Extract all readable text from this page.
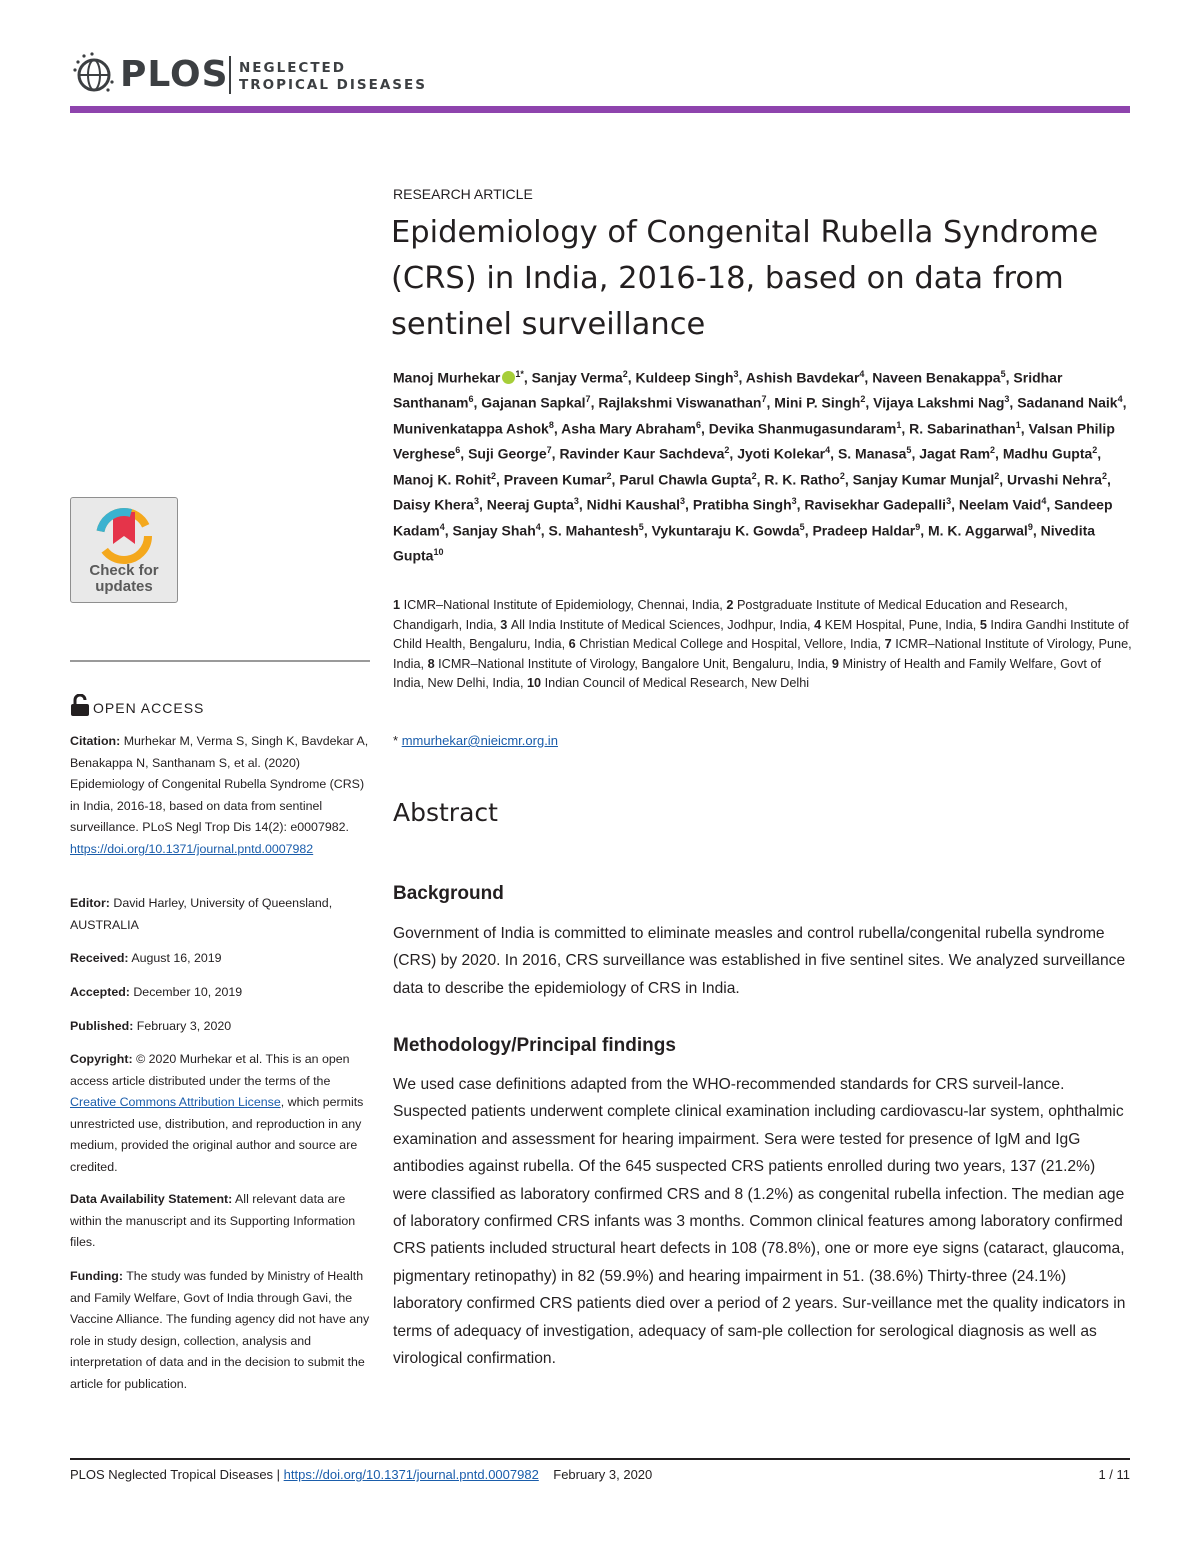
PLOS NEGLECTED
TROPICAL DISEASES
Check for
updates
OPEN ACCESS
Citation: Murhekar M, Verma S, Singh K, Bavdekar A, Benakappa N, Santhanam S, et al. (2020) Epidemiology of Congenital Rubella Syndrome (CRS) in India, 2016-18, based on data from sentinel surveillance. PLoS Negl Trop Dis 14(2): e0007982. https://doi.org/10.1371/journal.pntd.0007982
Editor: David Harley, University of Queensland, AUSTRALIA
Received: August 16, 2019
Accepted: December 10, 2019
Published: February 3, 2020
Copyright: © 2020 Murhekar et al. This is an open access article distributed under the terms of the Creative Commons Attribution License, which permits unrestricted use, distribution, and reproduction in any medium, provided the original author and source are credited.
Data Availability Statement: All relevant data are within the manuscript and its Supporting Information files.
Funding: The study was funded by Ministry of Health and Family Welfare, Govt of India through Gavi, the Vaccine Alliance. The funding agency did not have any role in study design, collection, analysis and interpretation of data and in the decision to submit the article for publication.
RESEARCH ARTICLE
Epidemiology of Congenital Rubella Syndrome (CRS) in India, 2016-18, based on data from sentinel surveillance
Manoj Murhekar $^{1*}$, Sanjay Verma$^2$, Kuldeep Singh$^3$, Ashish Bavdekar$^4$, Naveen Benakappa$^5$, Sridhar Santhanam$^6$, Gajanan Sapkal$^7$, Rajlakshmi Viswanathan$^7$, Mini P. Singh$^2$, Vijaya Lakshmi Nag$^3$, Sadanand Naik$^4$, Munivenkatappa Ashok$^8$, Asha Mary Abraham$^6$, Devika Shanmugasundaram$^1$, R. Sabarinathan$^1$, Valsan Philip Verghese$^6$, Suji George$^7$, Ravinder Kaur Sachdeva$^2$, Jyoti Kolekar$^4$, S. Manasa$^5$, Jagat Ram$^2$, Madhu Gupta$^2$, Manoj K. Rohit$^2$, Praveen Kumar$^2$, Parul Chawla Gupta$^2$, R. K. Ratho$^2$, Sanjay Kumar Munjal$^2$, Urvashi Nehra$^2$, Daisy Khera$^3$, Neeraj Gupta$^3$, Nidhi Kaushal$^3$, Pratibha Singh$^3$, Ravisekhar Gadepalli$^3$, Neelam Vaid$^4$, Sandeep Kadam$^4$, Sanjay Shah$^4$, S. Mahantesh$^5$, Vykuntaraju K. Gowda$^5$, Pradeep Haldar$^9$, M. K. Aggarwal$^9$, Nivedita Gupta$^{10}$
1 ICMR–National Institute of Epidemiology, Chennai, India, 2 Postgraduate Institute of Medical Education and Research, Chandigarh, India, 3 All India Institute of Medical Sciences, Jodhpur, India, 4 KEM Hospital, Pune, India, 5 Indira Gandhi Institute of Child Health, Bengaluru, India, 6 Christian Medical College and Hospital, Vellore, India, 7 ICMR–National Institute of Virology, Pune, India, 8 ICMR–National Institute of Virology, Bangalore Unit, Bengaluru, India, 9 Ministry of Health and Family Welfare, Govt of India, New Delhi, India, 10 Indian Council of Medical Research, New Delhi
* mmurhekar@nieicmr.org.in
Abstract
Background
Government of India is committed to eliminate measles and control rubella/congenital rubella syndrome (CRS) by 2020. In 2016, CRS surveillance was established in five sentinel sites. We analyzed surveillance data to describe the epidemiology of CRS in India.
Methodology/Principal findings
We used case definitions adapted from the WHO-recommended standards for CRS surveil-lance. Suspected patients underwent complete clinical examination including cardiovascu-lar system, ophthalmic examination and assessment for hearing impairment. Sera were tested for presence of IgM and IgG antibodies against rubella. Of the 645 suspected CRS patients enrolled during two years, 137 (21.2%) were classified as laboratory confirmed CRS and 8 (1.2%) as congenital rubella infection. The median age of laboratory confirmed CRS infants was 3 months. Common clinical features among laboratory confirmed CRS patients included structural heart defects in 108 (78.8%), one or more eye signs (cataract, glaucoma, pigmentary retinopathy) in 82 (59.9%) and hearing impairment in 51. (38.6%) Thirty-three (24.1%) laboratory confirmed CRS patients died over a period of 2 years. Sur-veillance met the quality indicators in terms of adequacy of investigation, adequacy of sam-ple collection for serological diagnosis as well as virological confirmation.
PLOS Neglected Tropical Diseases | https://doi.org/10.1371/journal.pntd.0007982 February 3, 2020	1 / 11
